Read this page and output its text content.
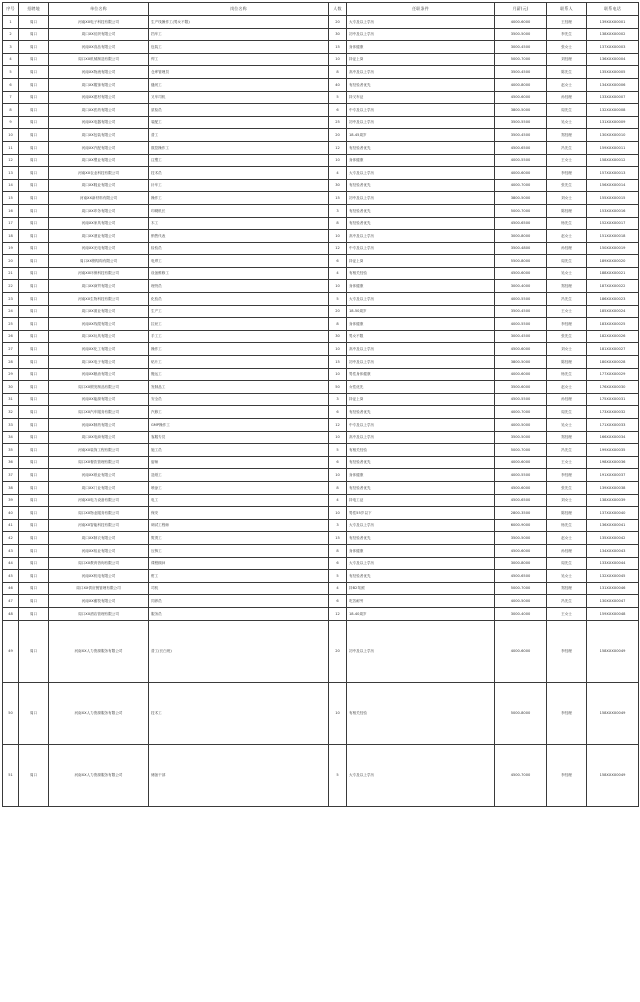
序号	招聘地	单位名称	岗位名称	人数	任职条件	月薪(元)	联系人	联系电话
1	周口	河南XX电子科技有限公司	生产线操作工(男女不限)	20	大专及以上学历	4000-6000	王经理	139XXXX0001
2	周口	周口XX纺织有限公司	挡车工	30	初中及以上学历	3500-5000	李先生	138XXXX0002
3	周口	河南XX食品有限公司	包装工	15	身体健康	3000-4500	张女士	137XXXX0003
4	周口	周口XX机械制造有限公司	焊工	10	持证上岗	5000-7000	刘经理	136XXXX0004
5	周口	河南XX物流有限公司	仓库管理员	8	高中及以上学历	3500-4500	陈先生	135XXXX0005
6	周口	周口XX服饰有限公司	缝纫工	40	有经验者优先	4000-8000	赵女士	134XXXX0006
7	周口	河南XX建材有限公司	叉车司机	5	持叉车证	4500-6000	孙经理	133XXXX0007
8	周口	周口XX医药有限公司	质检员	6	中专及以上学历	3800-5000	周先生	132XXXX0008
9	周口	河南XX电器有限公司	装配工	25	初中及以上学历	3500-5500	吴女士	131XXXX0009
10	周口	周口XX包装有限公司	普工	20	18-45周岁	3500-4500	郑经理	130XXXX0010
11	周口	河南XX汽配有限公司	数控操作工	12	有经验者优先	4500-6500	冯先生	159XXXX0011
12	周口	周口XX塑业有限公司	注塑工	10	身体健康	4000-5500	王女士	158XXXX0012
13	周口	河南XX农业科技有限公司	技术员	4	大专及以上学历	4000-6000	李经理	157XXXX0013
14	周口	周口XX鞋业有限公司	针车工	30	有经验者优先	4000-7000	张先生	156XXXX0014
15	周口	河南XX新材料有限公司	操作工	15	初中及以上学历	3800-5000	刘女士	155XXXX0015
16	周口	周口XX印务有限公司	印刷机长	3	有经验者优先	5000-7000	陈经理	153XXXX0016
17	周口	河南XX家具有限公司	木工	8	有经验者优先	4500-6500	杨先生	152XXXX0017
18	周口	周口XX酒业有限公司	销售代表	10	高中及以上学历	3000-8000	赵女士	151XXXX0018
19	周口	河南XX光电有限公司	检验员	12	中专及以上学历	3500-4800	孙经理	150XXXX0019
20	周口	周口XX钢结构有限公司	电焊工	6	持证上岗	5500-8000	周先生	189XXXX0020
21	周口	河南XX环保科技有限公司	设备维修工	4	有相关经验	4500-6000	吴女士	188XXXX0021
22	周口	周口XX商贸有限公司	理货员	10	身体健康	3000-4000	郑经理	187XXXX0022
23	周口	河南XX生物科技有限公司	化验员	5	大专及以上学历	4000-5500	冯先生	186XXXX0023
24	周口	周口XX面业有限公司	生产工	20	18-50周岁	3500-4500	王女士	185XXXX0024
25	周口	河南XX线缆有限公司	拉丝工	8	身体健康	4000-5500	李经理	183XXXX0025
26	周口	周口XX玩具有限公司	手工工	30	男女不限	3000-4500	张先生	182XXXX0026
27	周口	河南XX化工有限公司	操作工	10	高中及以上学历	4500-6000	刘女士	181XXXX0027
28	周口	周口XX电子有限公司	贴片工	15	初中及以上学历	3800-5000	陈经理	180XXXX0028
29	周口	河南XX粮油有限公司	搬运工	10	男性身体健康	4000-6000	杨先生	177XXXX0029
30	周口	周口XX假发制品有限公司	发制品工	50	女性优先	3500-6000	赵女士	176XXXX0030
31	周口	河南XX能源有限公司	安全员	3	持证上岗	4500-5500	孙经理	175XXXX0031
32	周口	周口XX汽车服务有限公司	汽修工	6	有经验者优先	4000-7000	周先生	173XXXX0032
33	周口	河南XX制药有限公司	GMP操作工	12	中专及以上学历	4000-5000	吴女士	171XXXX0033
34	周口	周口XX电商有限公司	客服专员	10	高中及以上学历	3500-5000	郑经理	166XXXX0034
35	周口	河南XX装饰工程有限公司	施工员	5	有相关经验	5000-7000	冯先生	199XXXX0035
36	周口	周口XX餐饮管理有限公司	厨师	6	有经验者优先	4000-6000	王女士	198XXXX0036
37	周口	河南XX纸业有限公司	造纸工	10	身体健康	4000-5500	李经理	191XXXX0037
38	周口	周口XX门业有限公司	喷涂工	8	有经验者优先	4500-6000	张先生	139XXXX0038
39	周口	河南XX电力设备有限公司	电工	4	持电工证	4500-6500	刘女士	138XXXX0039
40	周口	周口XX物业服务有限公司	保安	10	男性55岁以下	2800-3500	陈经理	137XXXX0040
41	周口	河南XX智能科技有限公司	调试工程师	3	大专及以上学历	6000-9000	杨先生	136XXXX0041
42	周口	周口XX制衣有限公司	熨烫工	15	有经验者优先	3500-5000	赵女士	135XXXX0042
43	周口	河南XX铝业有限公司	压铸工	8	身体健康	4500-6000	孙经理	134XXXX0043
44	周口	周口XX教育咨询有限公司	课程顾问	6	大专及以上学历	3000-8000	周先生	133XXXX0044
45	周口	河南XX机电有限公司	钳工	5	有经验者优先	4500-6500	吴女士	132XXXX0045
46	周口	周口XX供应链管理有限公司	司机	4	持B2驾照	5000-7000	郑经理	131XXXX0046
47	周口	河南XX畜牧有限公司	饲养员	6	吃苦耐劳	4000-5000	冯先生	130XXXX0047
48	周口	周口XX酒店管理有限公司	服务员	12	18-40周岁	3000-4000	王女士	159XXXX0048
49	周口	河南XX人力资源服务有限公司	普工(长白班)	20	初中及以上学历	4000-6000	李经理	158XXXX0049
50	周口	河南XX人力资源服务有限公司	技术工	10	有相关经验	5000-8000	李经理	158XXXX0049
51	周口	河南XX人力资源服务有限公司	储备干部	5	大专及以上学历	4500-7000	李经理	158XXXX0049
